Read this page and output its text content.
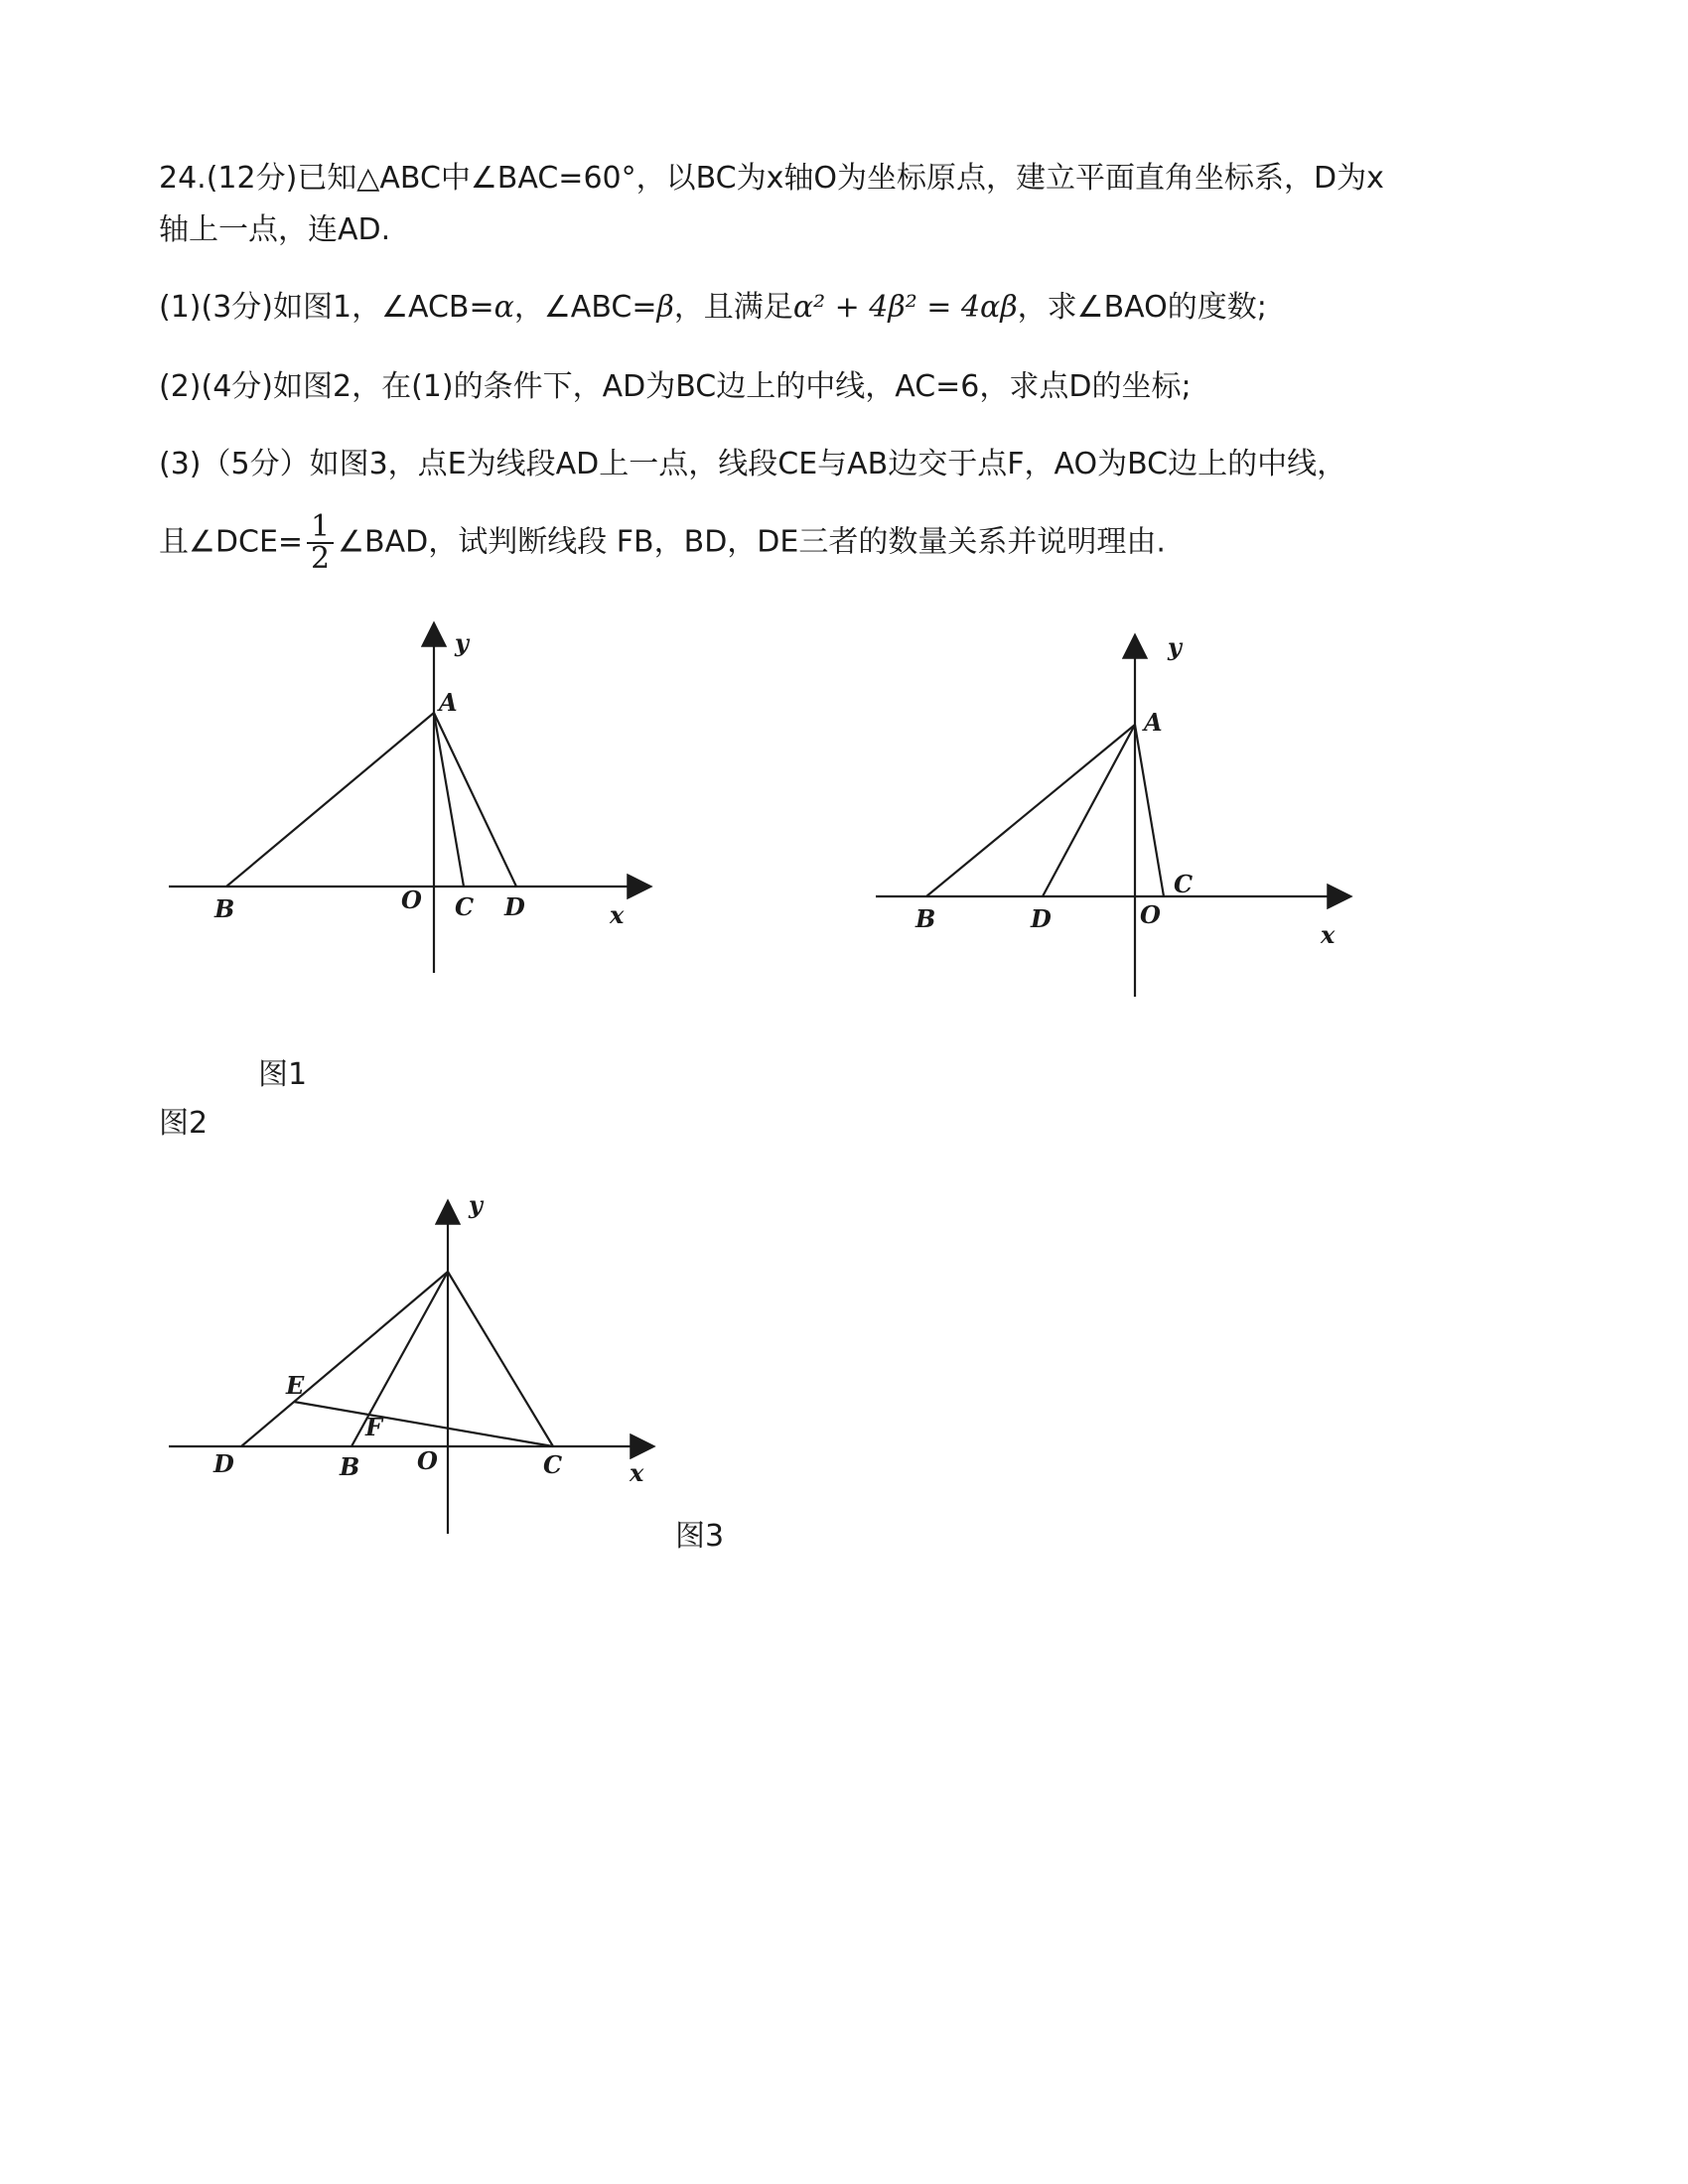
24.(12分)已知△ABC中∠BAC=60°，以BC为x轴O为坐标原点，建立平面直角坐标系，D为x
轴上一点，连AD.
(1)(3分)如图1，∠ACB=α，∠ABC=β，且满足α² + 4β² = 4αβ，求∠BAO的度数;
(2)(4分)如图2，在(1)的条件下，AD为BC边上的中线，AC=6，求点D的坐标;
(3)（5分）如图3，点E为线段AD上一点，线段CE与AB边交于点F，AO为BC边上的中线，
且∠DCE= $\frac{1}{2}$ ∠BAD，试判断线段 FB，BD，DE三者的数量关系并说明理由.
y
A
B	O C D	x
y
A
C
B	D	O
x
y
E
F
D	B O	C	x
图1
图2
图3
